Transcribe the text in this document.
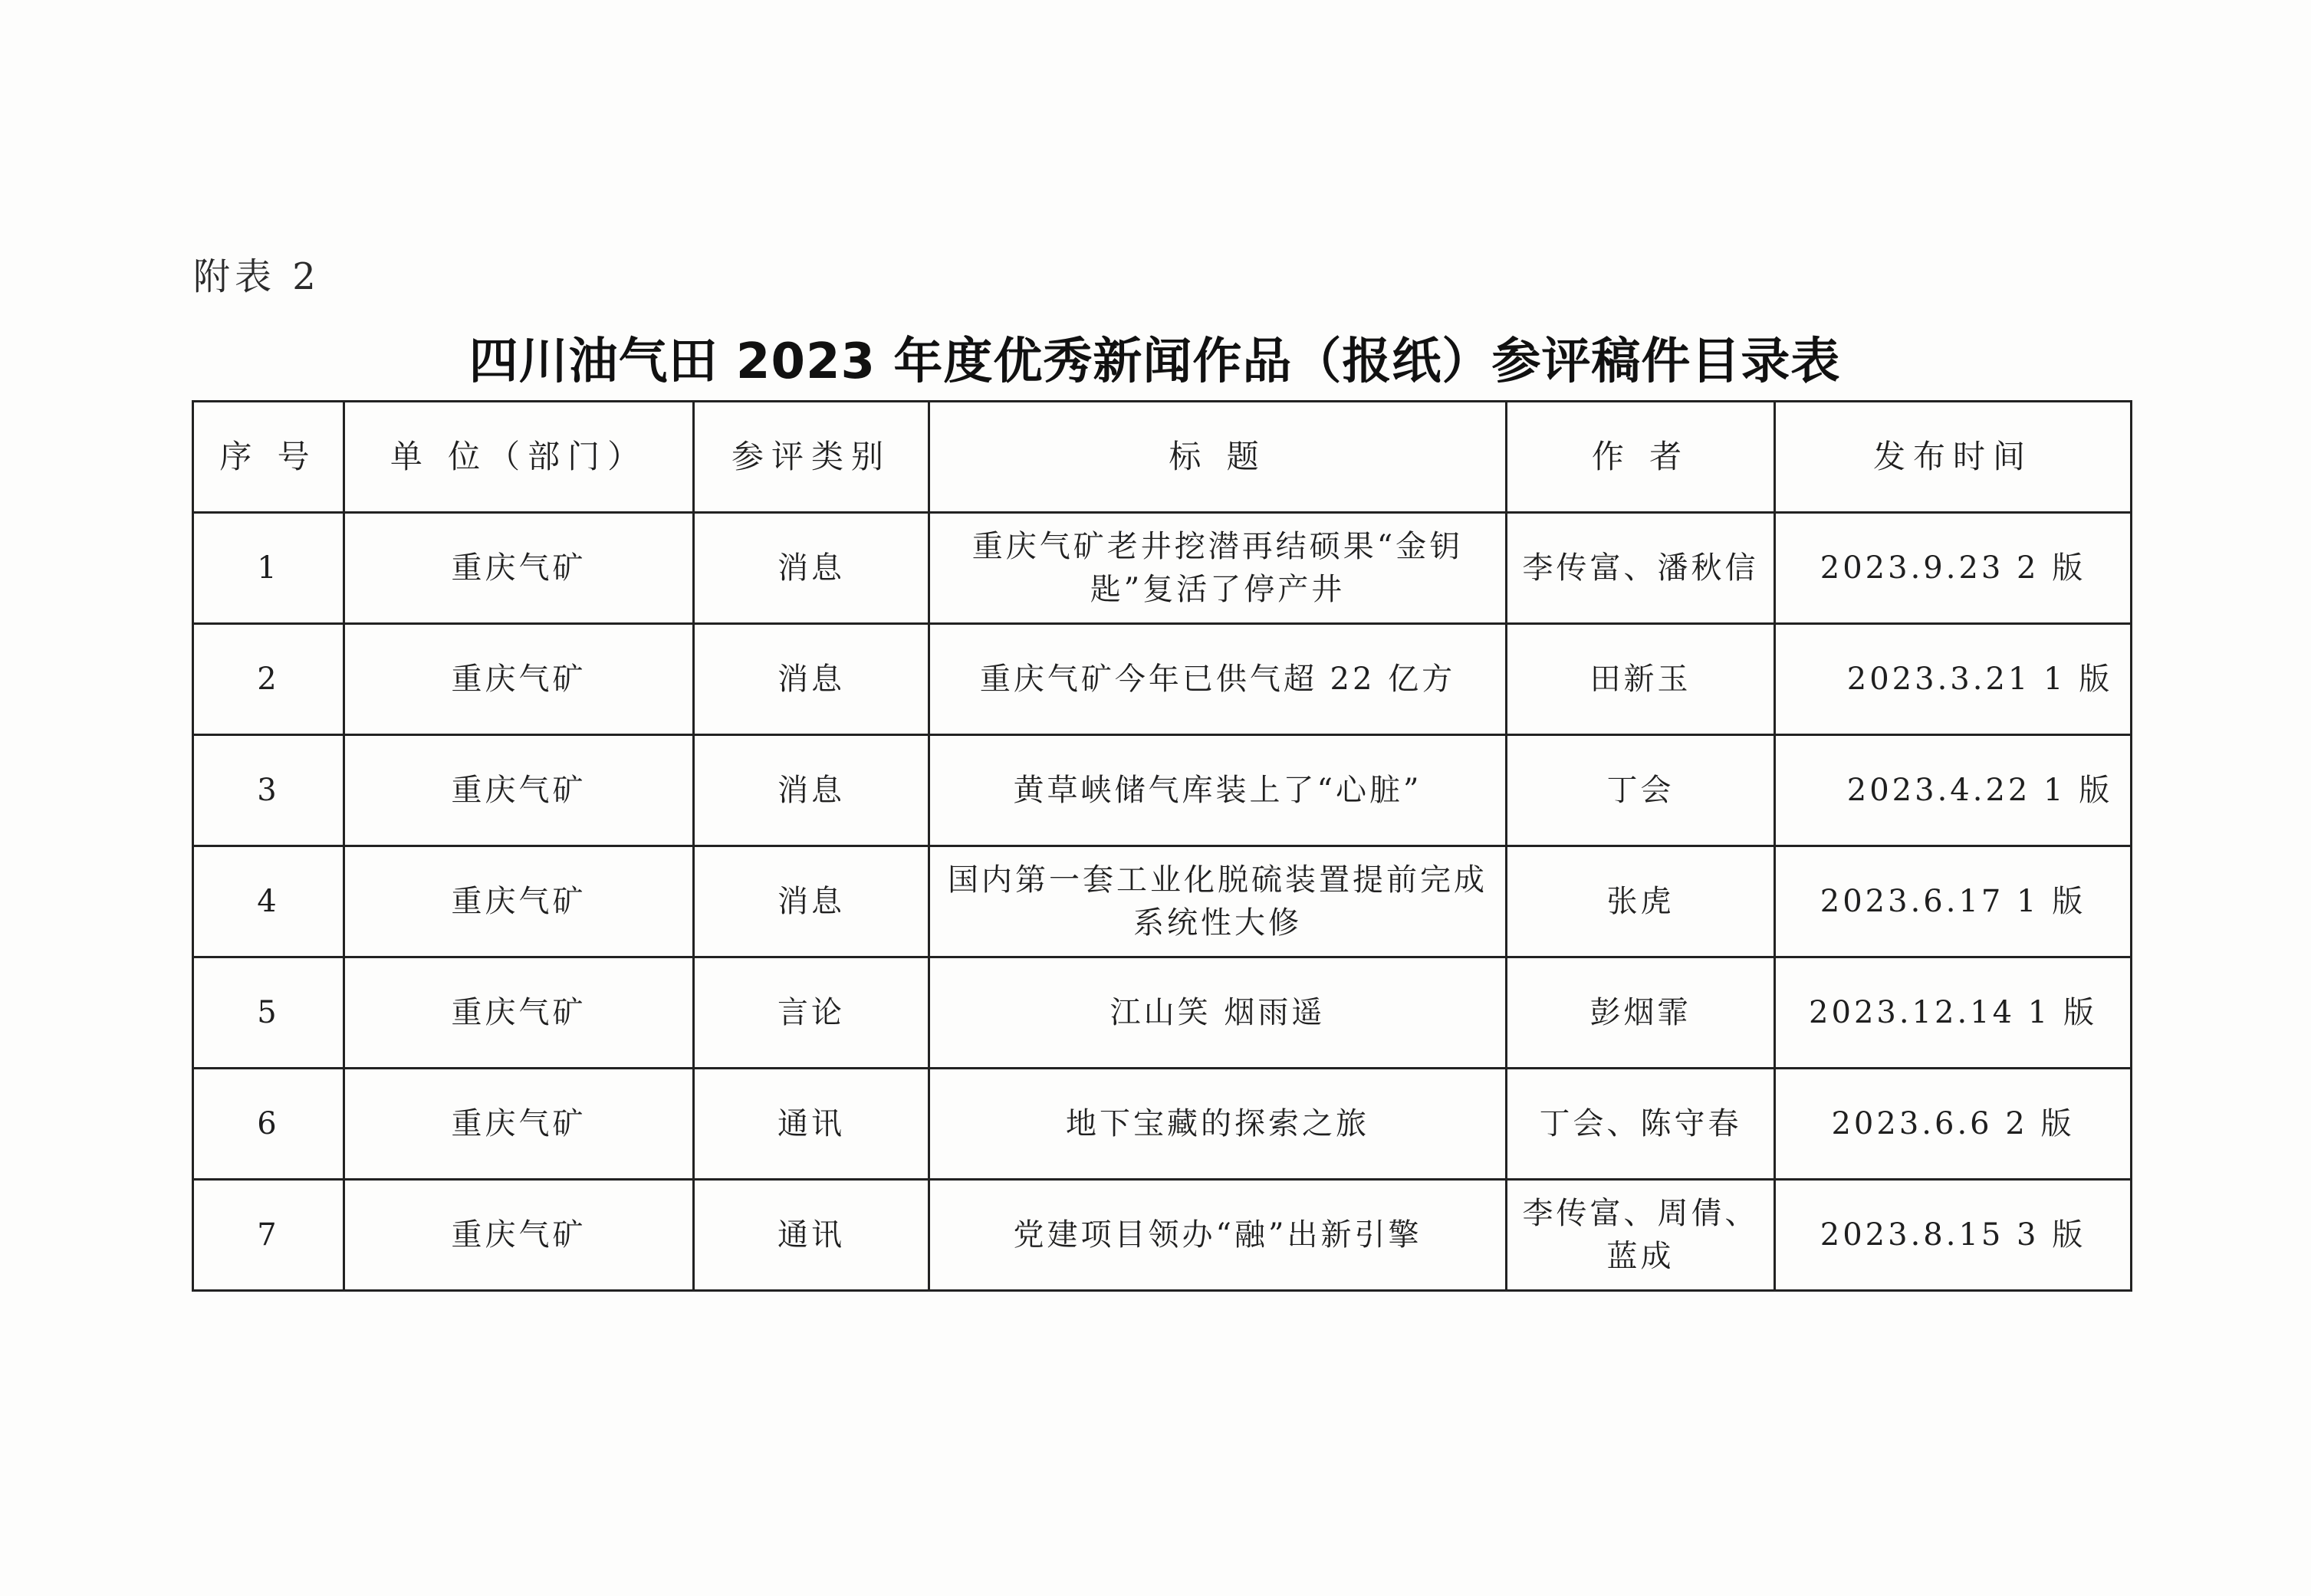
附表 2
四川油气田 2023 年度优秀新闻作品（报纸）参评稿件目录表
序 号	单 位（部门）	参评类别	标 题	作 者	发布时间
1	重庆气矿	消息	重庆气矿老井挖潜再结硕果“金钥匙”复活了停产井	李传富、潘秋信	2023.9.23 2 版
2	重庆气矿	消息	重庆气矿今年已供气超 22 亿方	田新玉	2023.3.21 1 版
3	重庆气矿	消息	黄草峡储气库装上了“心脏”	丁会	2023.4.22 1 版
4	重庆气矿	消息	国内第一套工业化脱硫装置提前完成系统性大修	张虎	2023.6.17 1 版
5	重庆气矿	言论	江山笑 烟雨遥	彭烟霏	2023.12.14 1 版
6	重庆气矿	通讯	地下宝藏的探索之旅	丁会、陈守春	2023.6.6 2 版
7	重庆气矿	通讯	党建项目领办“融”出新引擎	李传富、周倩、蓝成	2023.8.15 3 版
